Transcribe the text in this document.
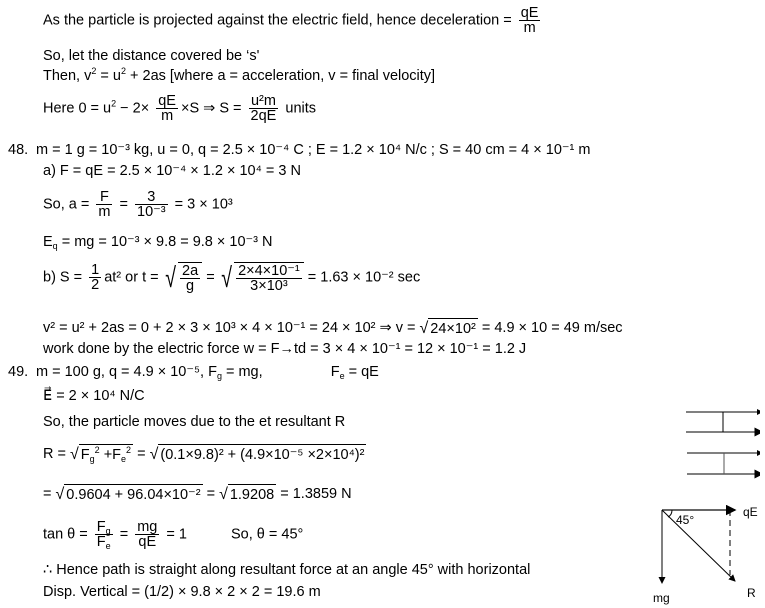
As the particle is projected against the electric field, hence deceleration = $\frac{qE}{m}$
So, let the distance covered be ‘s'
Then, $v^2 = u^2 + 2as$ [where a = acceleration, v = final velocity]
Here $0 = u^2 - 2\times \frac{qE}{m} \times S$ ⇒ $S = \frac{\text{u²m}}{2qE}$ units
48. m = 1 g = 10⁻³ kg, u = 0, q = 2.5 × 10⁻⁴ C ; E = 1.2 × 10⁴ N/c ; S = 40 cm = 4 × 10⁻¹ m
a) F = qE = 2.5 × 10⁻⁴ × 1.2 × 10⁴ = 3 N
So, $a = \frac{F}{m} = \frac{3}{\text{10⁻³}} = 3 \times 10^3$
$E_q$ = mg = 10⁻³ × 9.8 = 9.8 × 10⁻³ N
b) $S = \frac{1}{2} at^2$ or t = √ $\frac{2a}{g}$ = √ $\frac{\text{2×4×10⁻¹}}{\text{3×10³}} = 1.63 \times 10^{-2}$ sec
v² = u² + 2as = 0 + 2 × 3 × 10³ × 4 × 10⁻¹ = 24 × 10² ⇒ v = √ 24×10² = 4.9 × 10 = 49 m/sec
work done by the electric force w = F→td = 3 × 4 × 10⁻¹ = 12 × 10⁻¹ = 1.2 J
49. m = 100 g, q = 4.9 × 10⁻⁵, $F_g$ = mg,	$F_e$ = qE
E⃗ = 2 × 10⁴ N/C
So, the particle moves due to the et resultant R
R = √ $F_g^2 +F_e^2$ = √ (0.1×9.8)² + (4.9×10⁻⁵ ×2×10⁴)²
= √ 0.9604 + 96.04×10⁻² = √ 1.9208 = 1.3859 N
$\tan \theta = \frac{F_g}{F_e} = \frac{mg}{qE} = 1$	So, θ = 45°
∴ Hence path is straight along resultant force at an angle 45° with horizontal
Disp. Vertical = (1/2) × 9.8 × 2 × 2 = 19.6 m
45°
qE
mg	R
